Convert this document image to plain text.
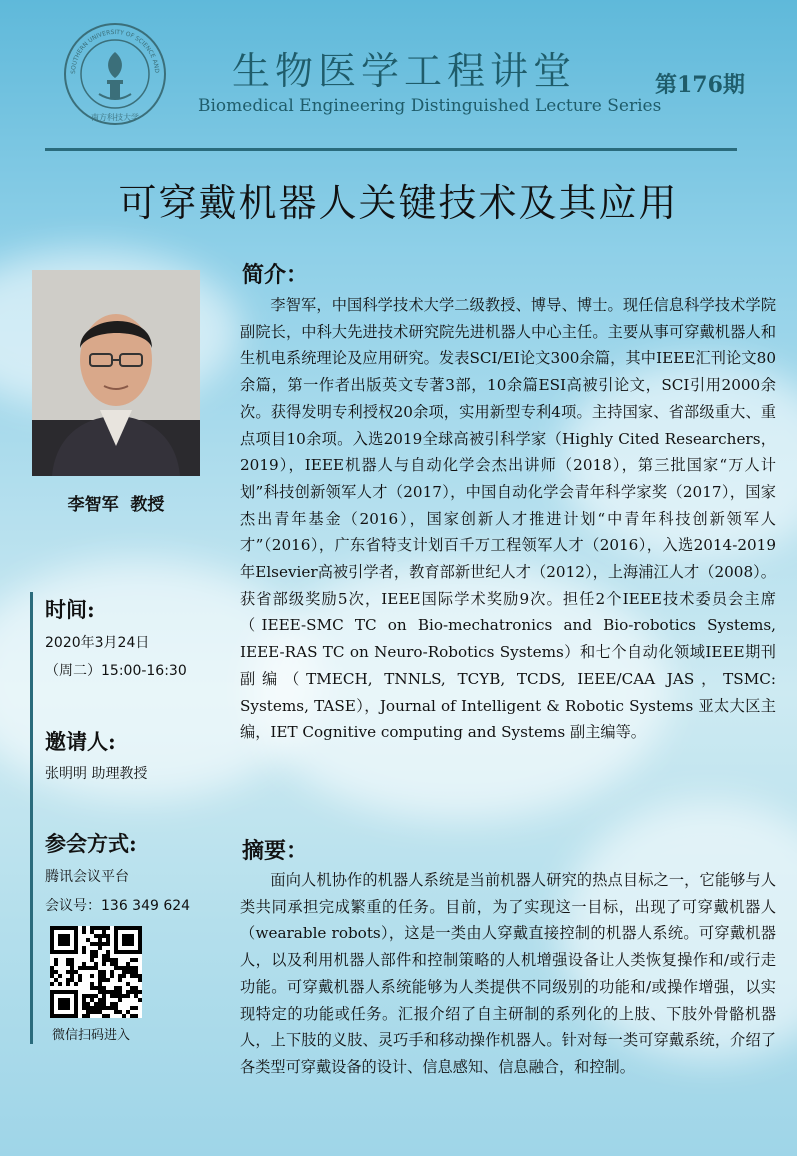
SOUTHERN UNIVERSITY OF SCIENCE AND
南方科技大学
生物医学工程讲堂	第176期
Biomedical Engineering Distinguished Lecture Series
可穿戴机器人关键技术及其应用
李智军  教授
时间:
2020年3月24日
（周二）15:00-16:30
邀请人:
张明明 助理教授
参会方式:
腾讯会议平台
会议号：136 349 624
微信扫码进入
简介：

李智军，中国科学技术大学二级教授、博导、博士。现任信息科学技术学院副院长，中科大先进技术研究院先进机器人中心主任。主要从事可穿戴机器人和生机电系统理论及应用研究。发表SCI/EI论文300余篇，其中IEEE汇刊论文80余篇，第一作者出版英文专著3部，10余篇ESI高被引论文，SCI引用2000余次。获得发明专利授权20余项，实用新型专利4项。主持国家、省部级重大、重点项目10余项。入选2019全球高被引科学家（Highly Cited Researchers，2019），IEEE机器人与自动化学会杰出讲师（2018），第三批国家“万人计划”科技创新领军人才（2017），中国自动化学会青年科学家奖（2017），国家杰出青年基金（2016），国家创新人才推进计划“中青年科技创新领军人才”（2016），广东省特支计划百千万工程领军人才（2016），入选2014-2019年Elsevier高被引学者，教育部新世纪人才（2012），上海浦江人才（2008）。获省部级奖励5次，IEEE国际学术奖励9次。担任2个IEEE技术委员会主席（IEEE-SMC TC on Bio-mechatronics and Bio-robotics Systems, IEEE-RAS TC on Neuro-Robotics Systems）和七个自动化领域IEEE期刊副编（TMECH, TNNLS, TCYB, TCDS, IEEE/CAA JAS，TSMC: Systems, TASE），Journal of Intelligent & Robotic Systems 亚太大区主编，IET Cognitive computing and Systems 副主编等。

摘要：

面向人机协作的机器人系统是当前机器人研究的热点目标之一，它能够与人类共同承担完成繁重的任务。目前，为了实现这一目标，出现了可穿戴机器人（wearable robots），这是一类由人穿戴直接控制的机器人系统。可穿戴机器人，以及利用机器人部件和控制策略的人机增强设备让人类恢复操作和/或行走功能。可穿戴机器人系统能够为人类提供不同级别的功能和/或操作增强，以实现特定的功能或任务。汇报介绍了自主研制的系列化的上肢、下肢外骨骼机器人，上下肢的义肢、灵巧手和移动操作机器人。针对每一类可穿戴系统，介绍了各类型可穿戴设备的设计、信息感知、信息融合，和控制。
